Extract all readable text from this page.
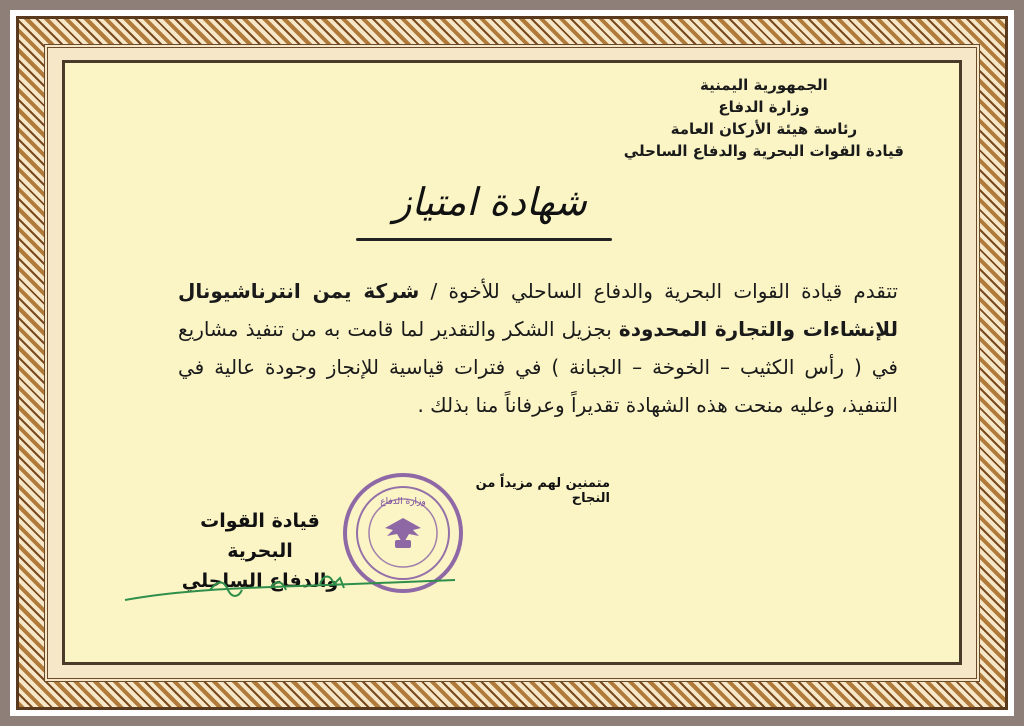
الجمهورية اليمنية
وزارة الدفاع
رئاسة هيئة الأركان العامة
قيادة القوات البحرية والدفاع الساحلي
شهادة امتياز
تتقدم قيادة القوات البحرية والدفاع الساحلي للأخوة / شركة يمن انترناشيونال للإنشاءات والتجارة المحدودة بجزيل الشكر والتقدير لما قامت به من تنفيذ مشاريع في ( رأس الكثيب – الخوخة – الجبانة ) في فترات قياسية للإنجاز وجودة عالية في التنفيذ، وعليه منحت هذه الشهادة تقديراً وعرفاناً منا بذلك .
متمنين لهم مزيداً من النجاح
قيادة القوات البحرية
والدفاع الساحلي
وزارة الدفاع
